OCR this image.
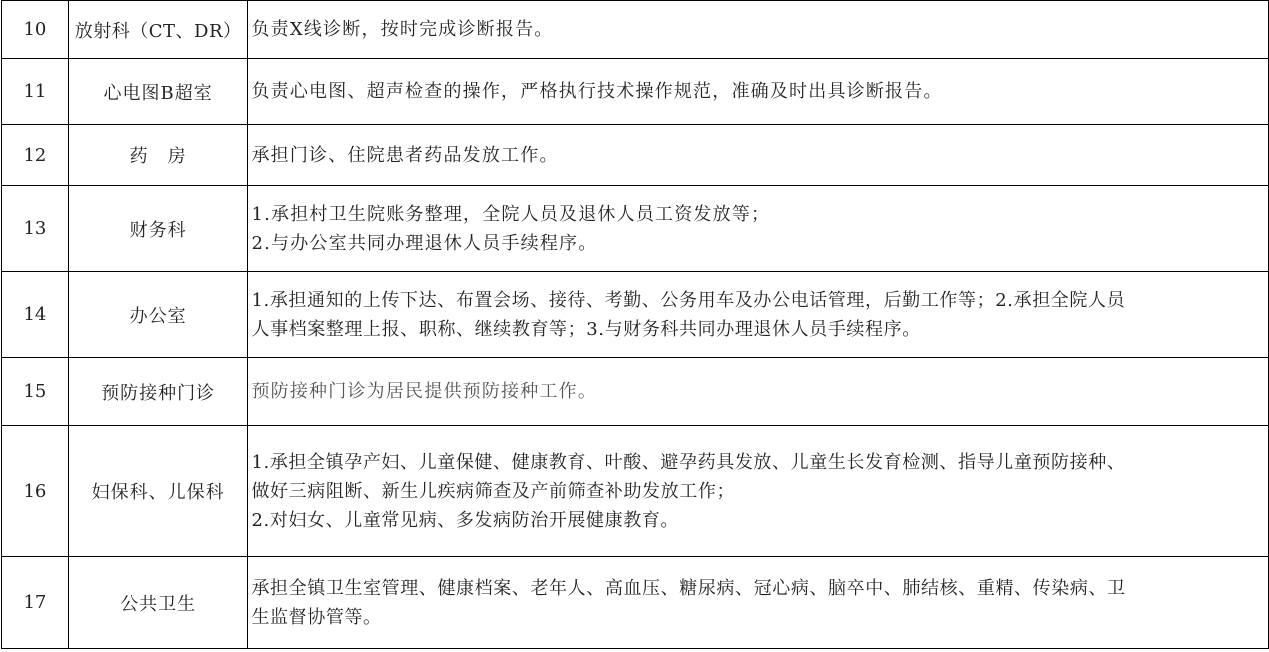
10	放射科（CT、DR）	负责X线诊断，按时完成诊断报告。

11	心电图B超室	负责心电图、超声检查的操作，严格执行技术操作规范，准确及时出具诊断报告。

12	药　房	承担门诊、住院患者药品发放工作。

13	财务科	1.承担村卫生院账务整理，全院人员及退休人员工资发放等；
2.与办公室共同办理退休人员手续程序。

14	办公室	1.承担通知的上传下达、布置会场、接待、考勤、公务用车及办公电话管理，后勤工作等；2.承担全院人员
人事档案整理上报、职称、继续教育等；3.与财务科共同办理退休人员手续程序。

15	预防接种门诊	预防接种门诊为居民提供预防接种工作。

16	妇保科、儿保科	1.承担全镇孕产妇、儿童保健、健康教育、叶酸、避孕药具发放、儿童生长发育检测、指导儿童预防接种、
做好三病阻断、新生儿疾病筛查及产前筛查补助发放工作；
2.对妇女、儿童常见病、多发病防治开展健康教育。

17	公共卫生	承担全镇卫生室管理、健康档案、老年人、高血压、糖尿病、冠心病、脑卒中、肺结核、重精、传染病、卫
生监督协管等。
